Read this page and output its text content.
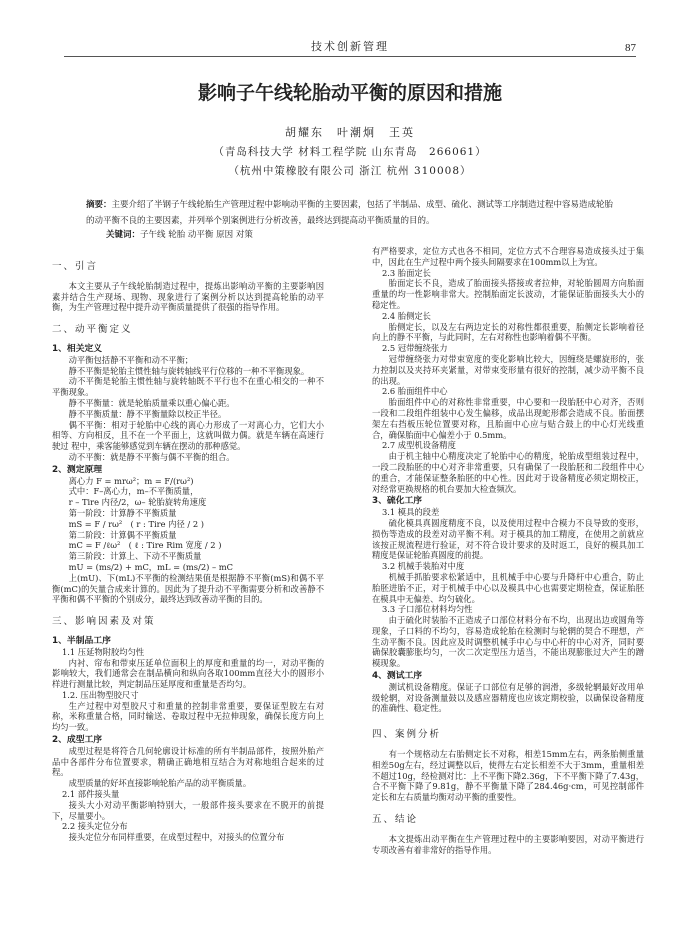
技术创新管理	87
影响子午线轮胎动平衡的原因和措施
胡耀东　叶潮炯　王英
（青岛科技大学 材料工程学院 山东青岛　266061）
（杭州中策橡胶有限公司 浙江 杭州 310008）
摘要：主要介绍了半钢子午线轮胎生产管理过程中影响动平衡的主要因素，包括了半制品、成型、硫化、测试等工序制造过程中容易造成轮胎的动平衡不良的主要因素，并列举个别案例进行分析改善，最终达到提高动平衡质量的目的。
关键词：子午线 轮胎 动平衡 原因 对策
一、引言

本文主要从子午线轮胎制造过程中，提炼出影响动平衡的主要影响因素并结合生产现场、现物、现象进行了案例分析以达到提高轮胎的动平衡，为生产管理过程中提升动平衡质量提供了很强的指导作用。

二、动平衡定义
1、相关定义

动平衡包括静不平衡和动不平衡；

静不平衡是轮胎主惯性轴与旋转轴线平行位移的一种不平衡现象。

动不平衡是轮胎主惯性轴与旋转轴既不平行也不在重心相交的一种不平衡现象。

静不平衡量：就是轮胎质量乘以重心偏心距。

静不平衡质量：静不平衡量除以校正半径。

偶不平衡：相对于轮胎中心线的离心力形成了一对离心力，它们大小相等、方向相反，且不在一个平面上，这就叫做力偶。就是车辆在高速行驶过 程中，乘客能够感觉到车辆在摆动的那种感觉。

动不平衡：就是静不平衡与偶不平衡的组合。

2、测定原理

离心力 F = mrω²；m = F/(rω²)

式中：F–离心力，m–不平衡质量，

r – Tire 内径/2，ω– 轮胎旋转角速度

第一阶段：计算静不平衡质量

mS = F / rω²　( r : Tire 内径 / 2 )

第二阶段：计算偶不平衡质量

mC = F /ℓω²　( ℓ : Tire Rim 宽度 / 2 )

第三阶段：计算上、下动不平衡质量

mU = (ms/2) + mC，mL = (ms/2) – mC

上(mU)、下(mL)不平衡的检测结果值是根据静不平衡(mS)和偶不平衡(mC)的矢量合成来计算的。因此为了提升动不平衡需要分析和改善静不平衡和偶不平衡的个别成分，最终达到改善动平衡的目的。

三、影响因素及对策
1、半制品工序

1.1 压延物附胶均匀性

内衬、帘布和带束压延单位面积上的厚度和重量的均一，对动平衡的影响较大，我们通常会在制品横向和纵向各取100mm直径大小的圆形小样进行测量比较，判定制品压延厚度和重量是否均匀。

1.2. 压出物型胶尺寸

生产过程中对型胶尺寸和重量的控制非常重要，要保证型胶左右对称，米称重量合格，同时输送、卷取过程中无拉伸现象，确保长度方向上均匀一致。

2、成型工序

成型过程是将符合几何轮廓设计标准的所有半制品部件，按照外胎产品中各部件分布位置要求，精确正确地相互结合为对称地组合起来的过程。

成型质量的好坏直接影响轮胎产品的动平衡质量。

2.1 部件接头量

接头大小对动平衡影响特别大，一般部件接头要求在不脱开的前提下，尽量要小。

2.2 接头定位分布

接头定位分布同样重要，在成型过程中，对接头的位置分布

有严格要求，定位方式也各不相同，定位方式不合理容易造成接头过于集中，因此在生产过程中两个接头间隔要求在100mm以上为宜。

2.3 胎面定长

胎面定长不良，造成了胎面接头搭接或者拉伸，对轮胎圆周方向胎面重量的均一性影响非常大。控制胎面定长波动，才能保证胎面接头大小的稳定性。

2.4 胎侧定长

胎侧定长，以及左右两边定长的对称性都很重要，胎侧定长影响着径向上的静不平衡，与此同时，左右对称性也影响着偶不平衡。

2.5 冠带缠绕张力

冠带缠绕张力对带束宽度的变化影响比较大，因缠绕是螺旋形的，张力控制以及夹持环夹紧量，对带束变形量有很好的控制，减少动平衡不良的出现。

2.6 胎面组件中心

胎面组件中心的对称性非常重要，中心要和一段胎胚中心对齐，否则一段和二段组件组装中心发生偏移，成品出现蛇形都会造成不良。胎面摆架左右挡板压轮位置要对称，且胎面中心应与贴合鼓上的中心灯光线重合，确保胎面中心偏差小于 0.5mm。

2.7 成型机设备精度

由于机主轴中心精度决定了轮胎中心的精度，轮胎成型组装过程中，一段二段胎胚的中心对齐非常重要，只有确保了一段胎胚和二段组件中心的重合，才能保证整条胎胚的中心性。因此对于设备精度必须定期校正，对经常更换规格的机台要加大检查频次。

3、硫化工序

3.1 模具的段差

硫化模具真圆度精度不良，以及使用过程中合模力不良导致的变形，损伤等造成的段差对动平衡不利。对于模具的加工精度，在使用之前就应该按正规流程进行验证，对不符合设计要求的及时返工，良好的模具加工精度是保证轮胎真圆度的前提。

3.2 机械手装胎对中度

机械手抓胎要求松紧适中，且机械手中心要与升降杆中心重合，防止胎胚进胎不正，对于机械手中心以及模具中心也需要定期检查，保证胎胚在模具中无偏差、均匀硫化。

3.3 子口部位材料均匀性

由于硫化时装胎不正造成子口部位材料分布不均，出现出边或圆角等现象，子口料的不均匀，容易造成轮胎在检测时与轮辋的契合不理想，产生动平衡不良。因此应及时调整机械手中心与中心杆的中心对齐，同时要确保胶囊膨胀均匀，一次二次定型压力适当，不能出现膨胀过大产生的蹭模现象。

4、测试工序

测试机设备精度。保证子口部位有足够的润滑，多级轮辋最好改用单级轮辋，对设备测量鼓以及感应器精度也应该定期校验，以确保设备精度的准确性、稳定性。

四、案例分析

有一个规格动左右胎侧定长不对称，相差15mm左右，两条胎侧重量相差50g左右，经过调整以后，使得左右定长相差不大于3mm，重量相差不超过10g，经检测对比：上不平衡下降2.36g，下不平衡下降了7.43g，合不平衡下降了9.81g，静不平衡量下降了284.46g·cm，可见控制部件定长和左右质量均衡对动平衡的重要性。

五、结论

本文提炼出动平衡在生产管理过程中的主要影响要因，对动平衡进行专项改善有着非常好的指导作用。
